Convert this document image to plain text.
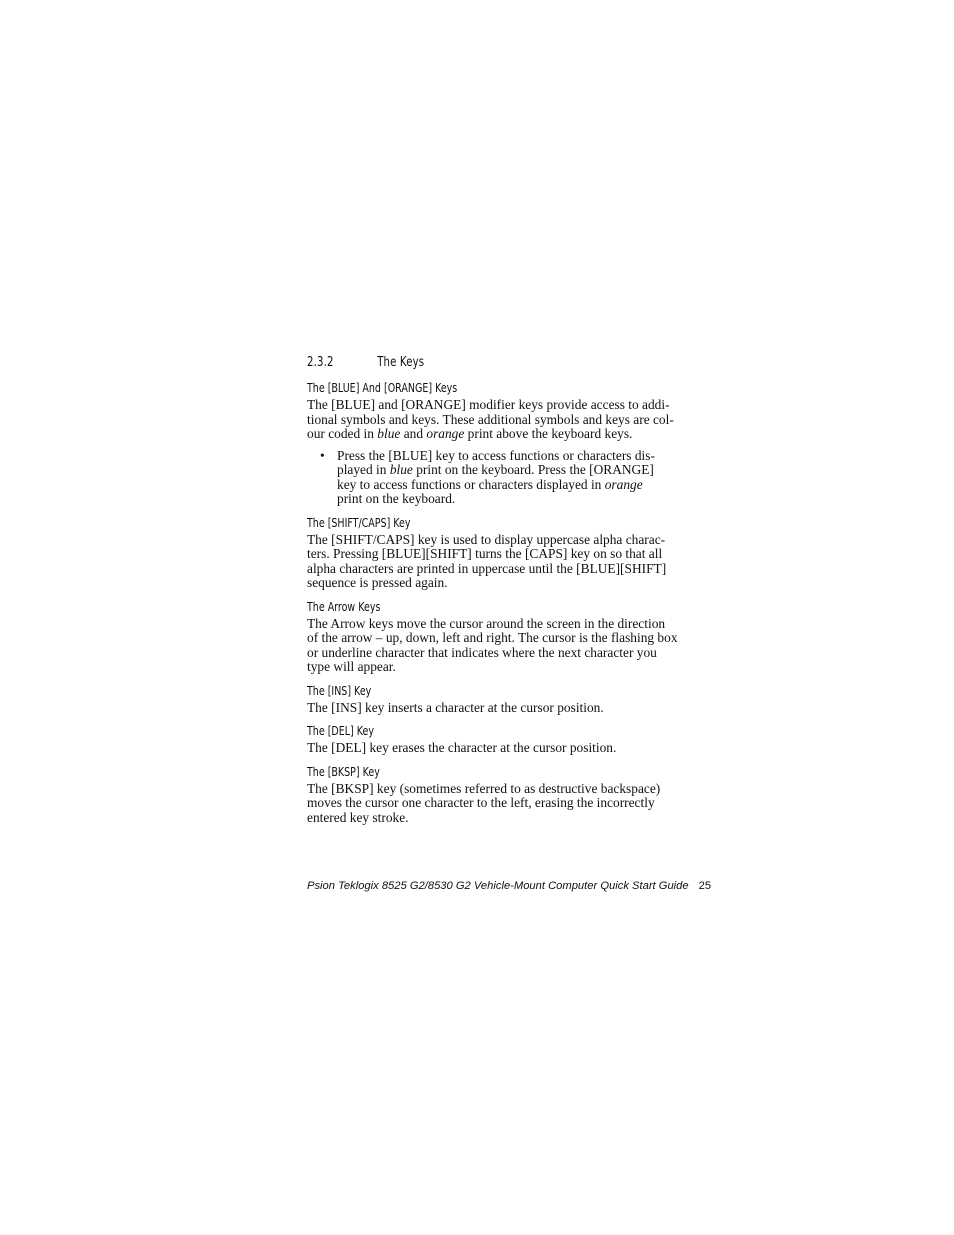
2.3.2	The Keys
The [BLUE] And [ORANGE] Keys

The [BLUE] and [ORANGE] modifier keys provide access to addi-
tional symbols and keys. These additional symbols and keys are col-
our coded in blue and orange print above the keyboard keys.

• Press the [BLUE] key to access functions or characters dis-
played in blue print on the keyboard. Press the [ORANGE]
key to access functions or characters displayed in orange
print on the keyboard.
The [SHIFT/CAPS] Key

The [SHIFT/CAPS] key is used to display uppercase alpha charac-
ters. Pressing [BLUE][SHIFT] turns the [CAPS] key on so that all
alpha characters are printed in uppercase until the [BLUE][SHIFT]
sequence is pressed again.

The Arrow Keys

The Arrow keys move the cursor around the screen in the direction
of the arrow – up, down, left and right. The cursor is the flashing box
or underline character that indicates where the next character you
type will appear.

The [INS] Key

The [INS] key inserts a character at the cursor position.

The [DEL] Key

The [DEL] key erases the character at the cursor position.

The [BKSP] Key

The [BKSP] key (sometimes referred to as destructive backspace)
moves the cursor one character to the left, erasing the incorrectly
entered key stroke.

Psion Teklogix 8525 G2/8530 G2 Vehicle-Mount Computer Quick Start Guide 25
